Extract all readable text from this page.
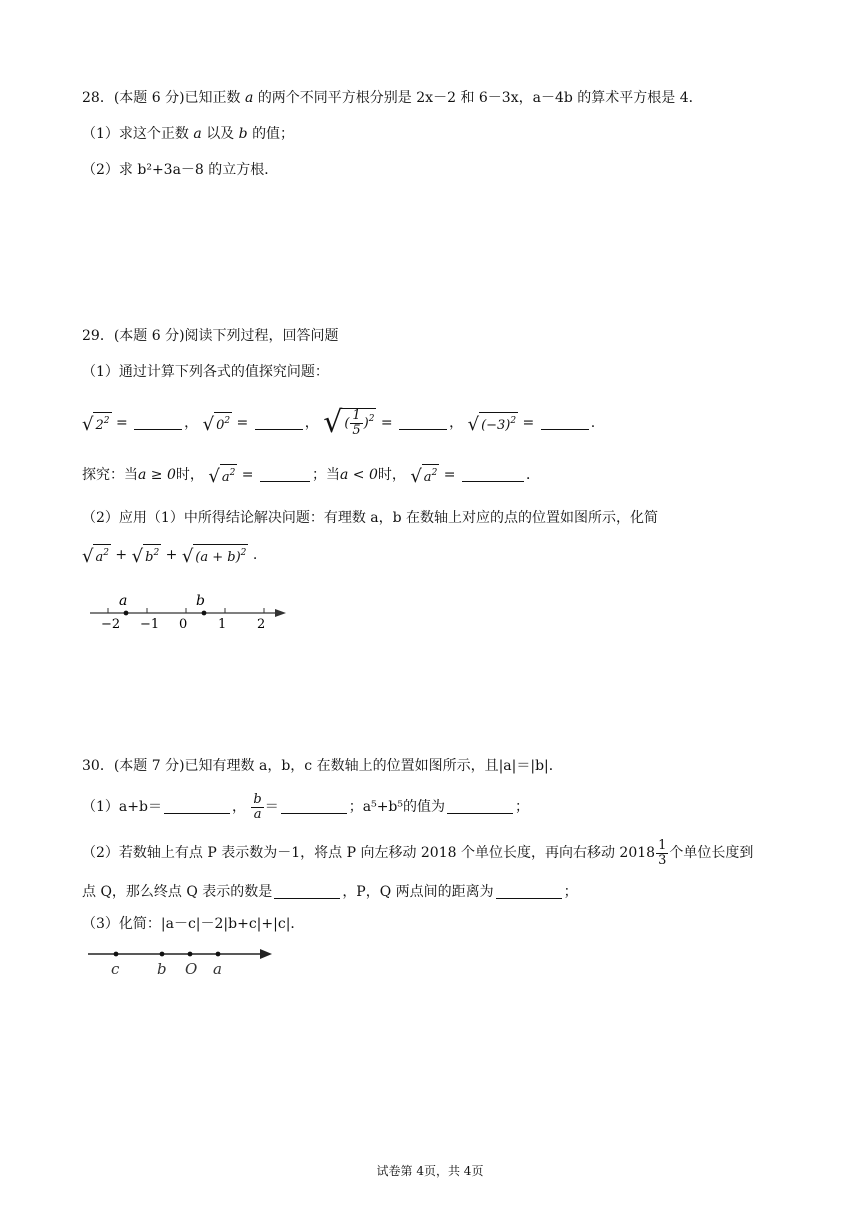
28．(本题 6 分)已知正数 a 的两个不同平方根分别是 2x－2 和 6－3x，a－4b 的算术平方根是 4．
（1）求这个正数 a 以及 b 的值；
（2）求 b²+3a－8 的立方根．
29．(本题 6 分)阅读下列过程，回答问题
（1）通过计算下列各式的值探究问题：
√ $2^2$ =	， √ $0^2$ =	， √ ( $\frac{1}{5} )^2$ =	， √ $(-3)^2$ =	.
探究：当a ≥ 0时， √ $a^2$ =	；当a < 0时， √ $a^2$ =	．
（2）应用（1）中所得结论解决问题：有理数 a，b 在数轴上对应的点的位置如图所示，化简
√ $a^2$ + √ $b^2$ + √ $(a + b)^2$ .
−2 −1 0 1 2
a	b
30．(本题 7 分)已知有理数 a，b，c 在数轴上的位置如图所示，且|a|＝|b|．
（1）a+b＝	， $\frac{b}{a}$ ＝	；a⁵+b⁵的值为	；
（2）若数轴上有点 P 表示数为－1，将点 P 向左移动 2018 个单位长度，再向右移动 $2018 \frac{1}{3}$ 个单位长度到
点 Q，那么终点 Q 表示的数是	，P，Q 两点间的距离为	；
（3）化简：|a－c|－2|b+c|+|c|．
c	b O a
试卷第 4页，共 4页
